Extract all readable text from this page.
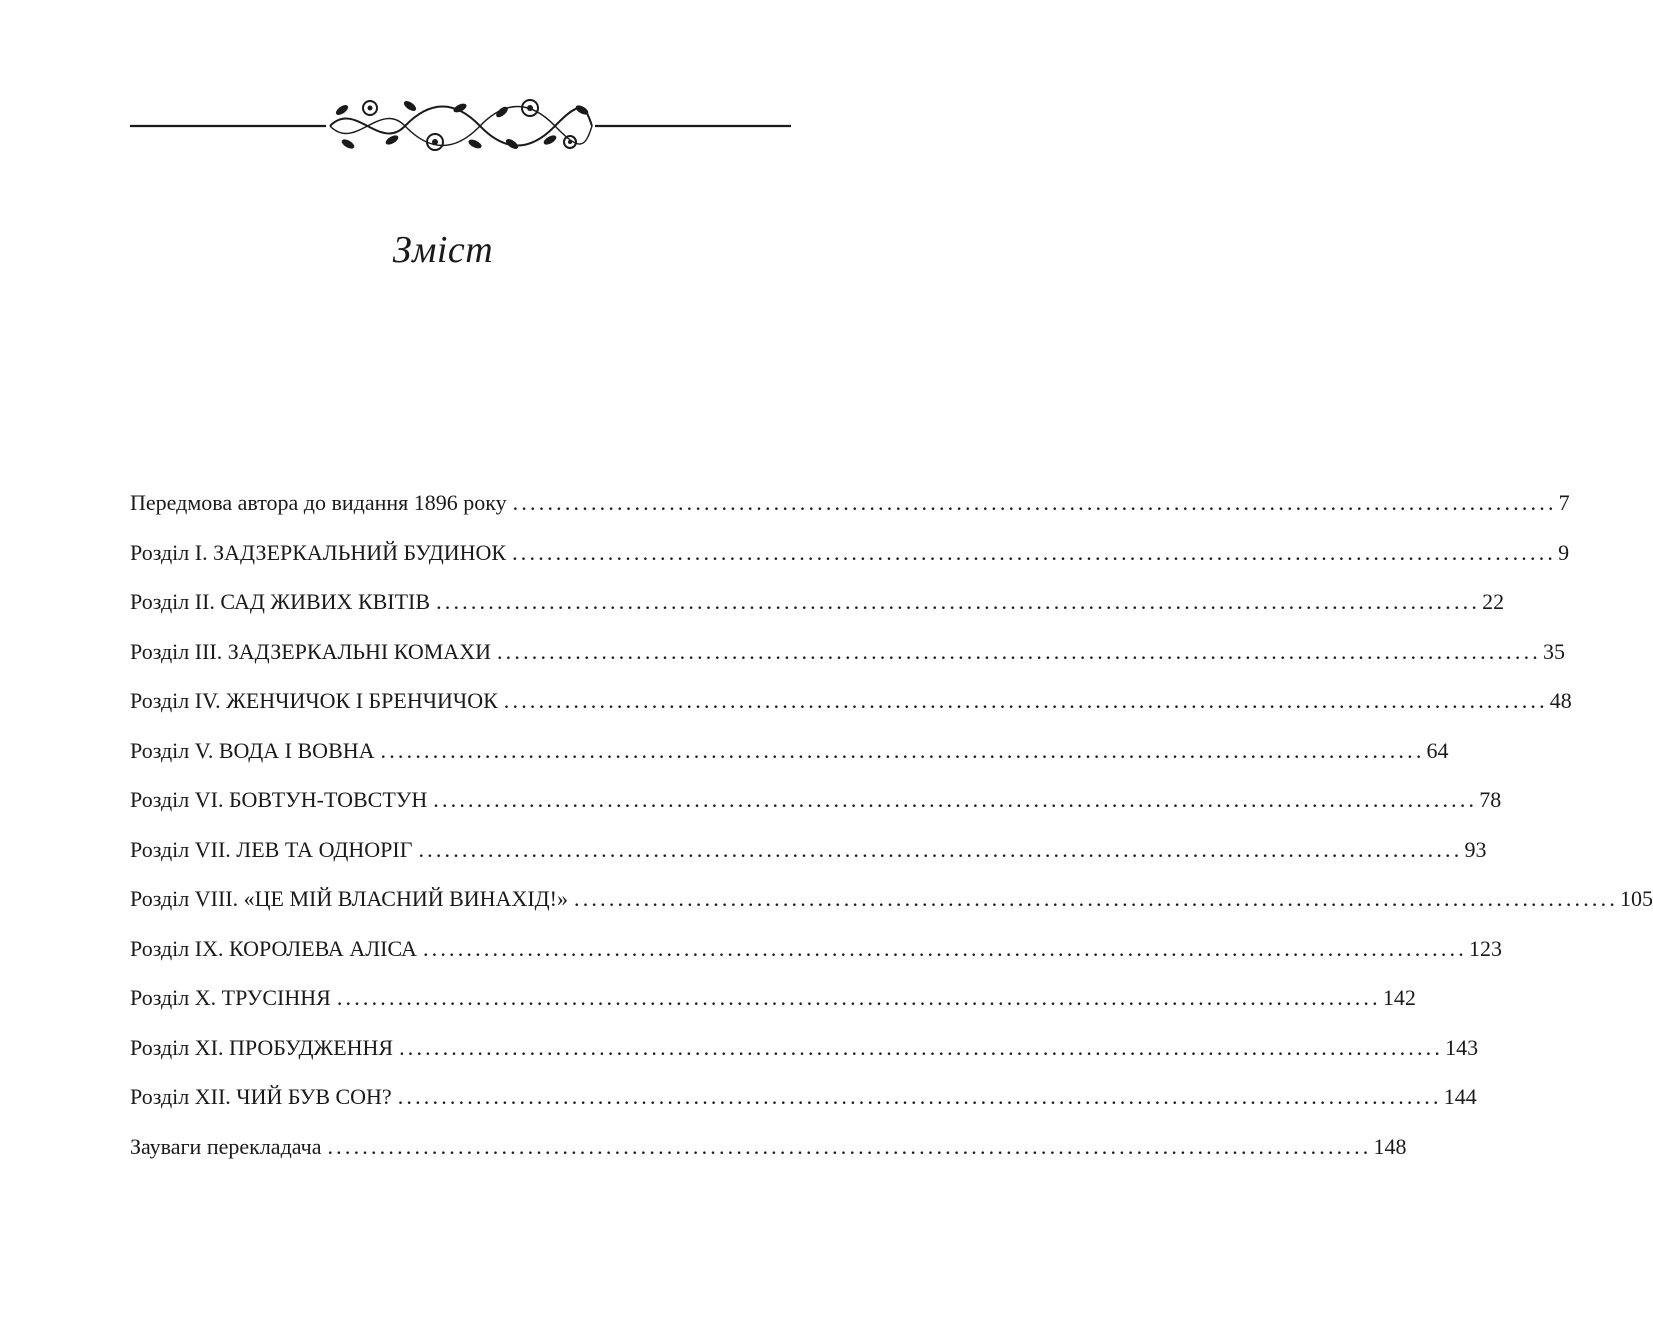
Зміст
Передмова автора до видання 1896 року ........................................................................................................................ 7
Розділ I. ЗАДЗЕРКАЛЬНИЙ БУДИНОК ........................................................................................................................ 9
Розділ II. САД ЖИВИХ КВІТІВ ........................................................................................................................ 22
Розділ III. ЗАДЗЕРКАЛЬНІ КОМАХИ ........................................................................................................................ 35
Розділ IV. ЖЕНЧИЧОК І БРЕНЧИЧОК ........................................................................................................................ 48
Розділ V. ВОДА І ВОВНА ........................................................................................................................ 64
Розділ VI. БОВТУН-ТОВСТУН ........................................................................................................................ 78
Розділ VII. ЛЕВ ТА ОДНОРІГ ........................................................................................................................ 93
Розділ VIII. «ЦЕ МІЙ ВЛАСНИЙ ВИНАХІД!» ........................................................................................................................ 105
Розділ IX. КОРОЛЕВА АЛІСА ........................................................................................................................ 123
Розділ X. ТРУСІННЯ ........................................................................................................................ 142
Розділ XI. ПРОБУДЖЕННЯ ........................................................................................................................ 143
Розділ XII. ЧИЙ БУВ СОН? ........................................................................................................................ 144
Зауваги перекладача ........................................................................................................................ 148
